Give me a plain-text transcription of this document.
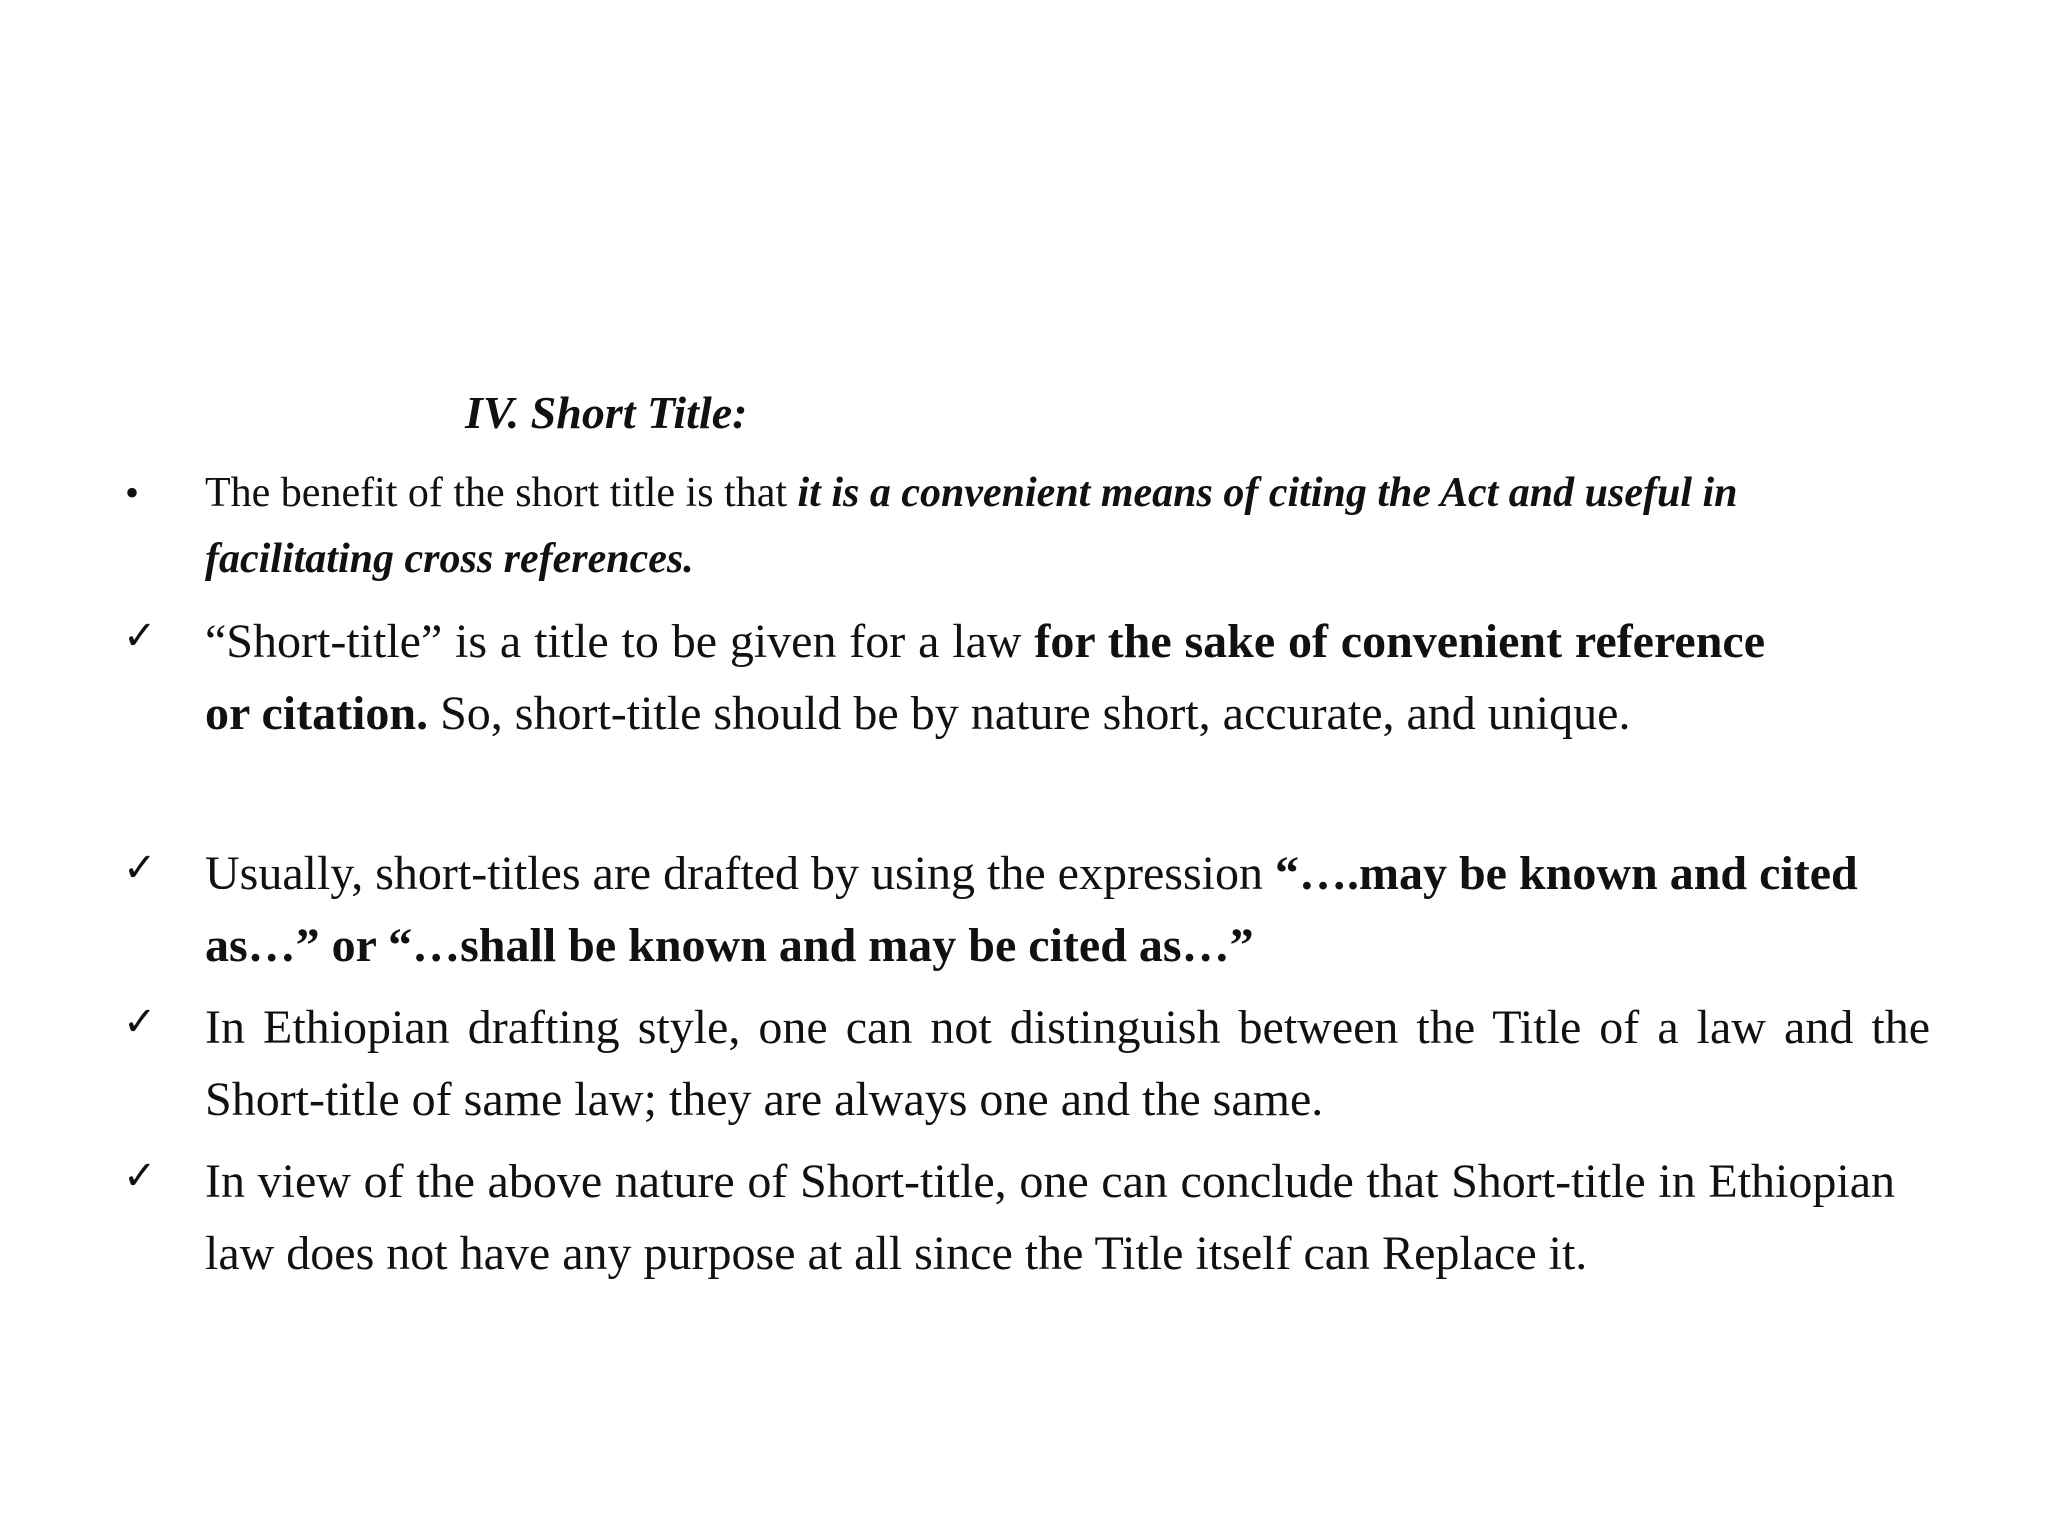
IV. Short Title:
• The benefit of the short title is that it is a convenient means of citing the Act and useful in facilitating cross references.
✓ “Short-title” is a title to be given for a law for the sake of convenient reference or citation. So, short-title should be by nature short, accurate, and unique.
✓ Usually, short-titles are drafted by using the expression “….may be known and cited as…” or “…shall be known and may be cited as…”
✓ In Ethiopian drafting style, one can not distinguish between the Title of a law and the Short-title of same law; they are always one and the same.
✓ In view of the above nature of Short-title, one can conclude that Short-title in Ethiopian law does not have any purpose at all since the Title itself can Replace it.
